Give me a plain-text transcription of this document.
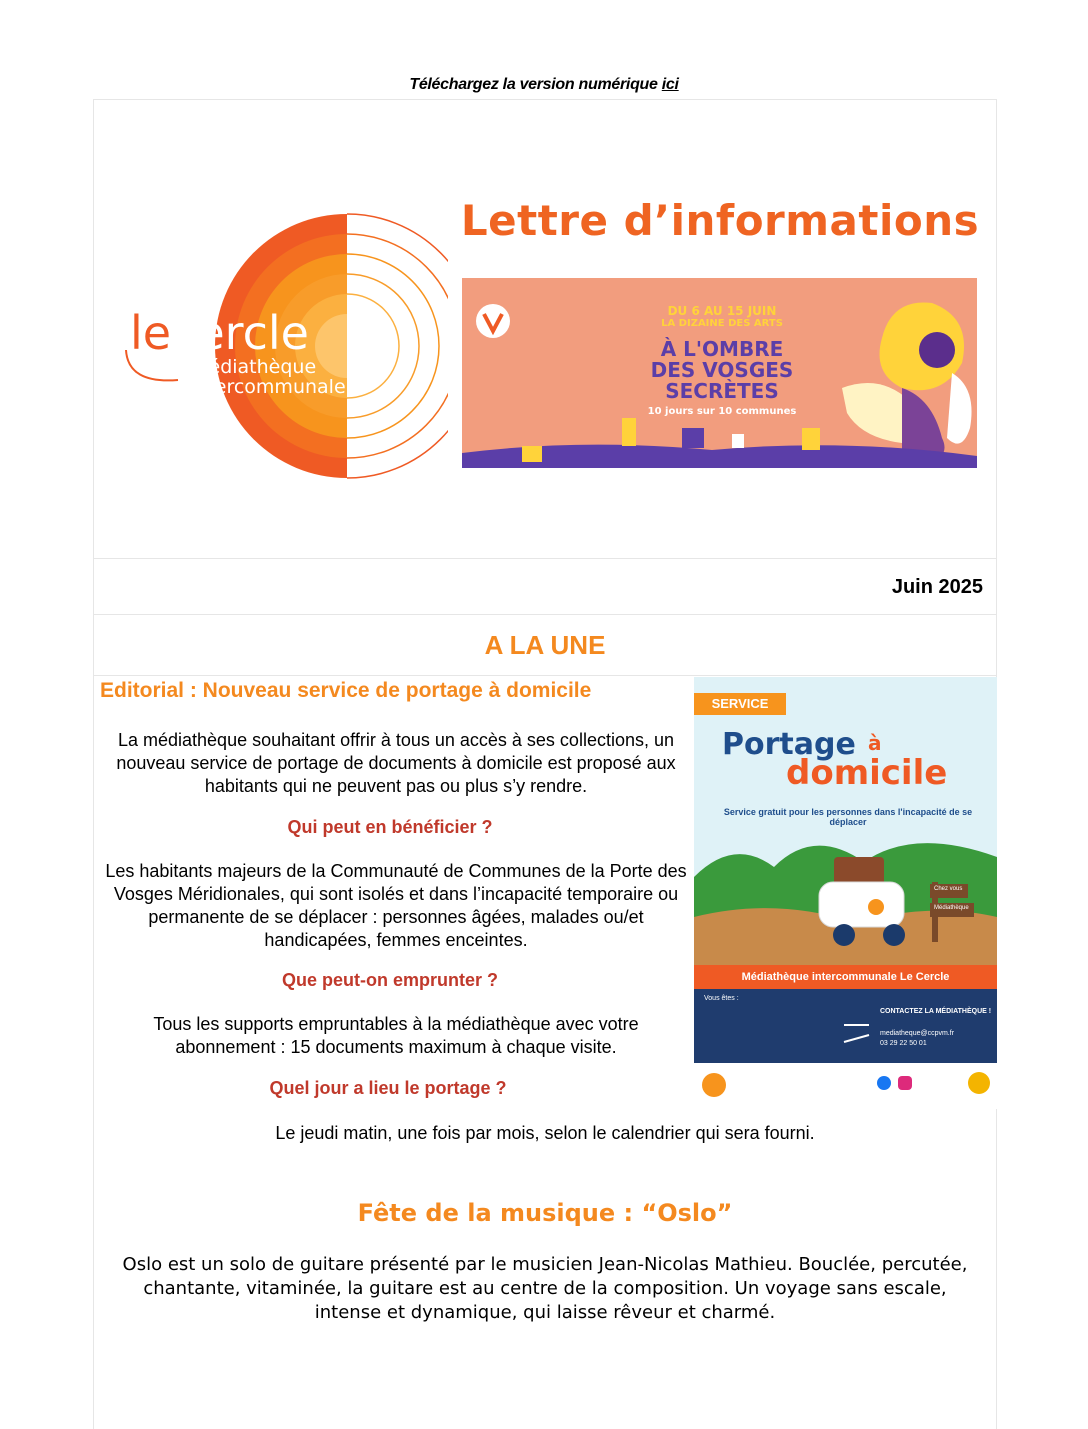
Téléchargez la version numérique ici
lecercle
médiathèque
intercommunale
Lettre d’informations
DU 6 AU 15 JUIN
LA DIZAINE DES ARTS
À L'OMBRE
DES VOSGES
SECRÈTES
10 jours sur 10 communes
Juin 2025
A LA UNE
Editorial : Nouveau service de portage à domicile
La médiathèque souhaitant offrir à tous un accès à ses collections, un nouveau service de portage de documents à domicile est proposé aux habitants qui ne peuvent pas ou plus s’y rendre.
Qui peut en bénéficier ?
Les habitants majeurs de la Communauté de Communes de la Porte des Vosges Méridionales, qui sont isolés et dans l’incapacité temporaire ou permanente de se déplacer : personnes âgées, malades ou/et handicapées, femmes enceintes.
Que peut-on emprunter ?
Tous les supports empruntables à la médiathèque avec votre abonnement : 15 documents maximum à chaque visite.
Quel jour a lieu le portage ?
Le jeudi matin, une fois par mois, selon le calendrier qui sera fourni.
SERVICE
Portage à
domicile
Service gratuit pour les personnes dans l'incapacité de se déplacer
Chez vous
Médiathèque
Médiathèque intercommunale Le Cercle
Vous êtes :
CONTACTEZ LA MÉDIATHÈQUE !
mediatheque@ccpvm.fr
03 29 22 50 01
Fête de la musique : “Oslo”
Oslo est un solo de guitare présenté par le musicien Jean-Nicolas Mathieu. Bouclée, percutée, chantante, vitaminée, la guitare est au centre de la composition. Un voyage sans escale, intense et dynamique, qui laisse rêveur et charmé.
